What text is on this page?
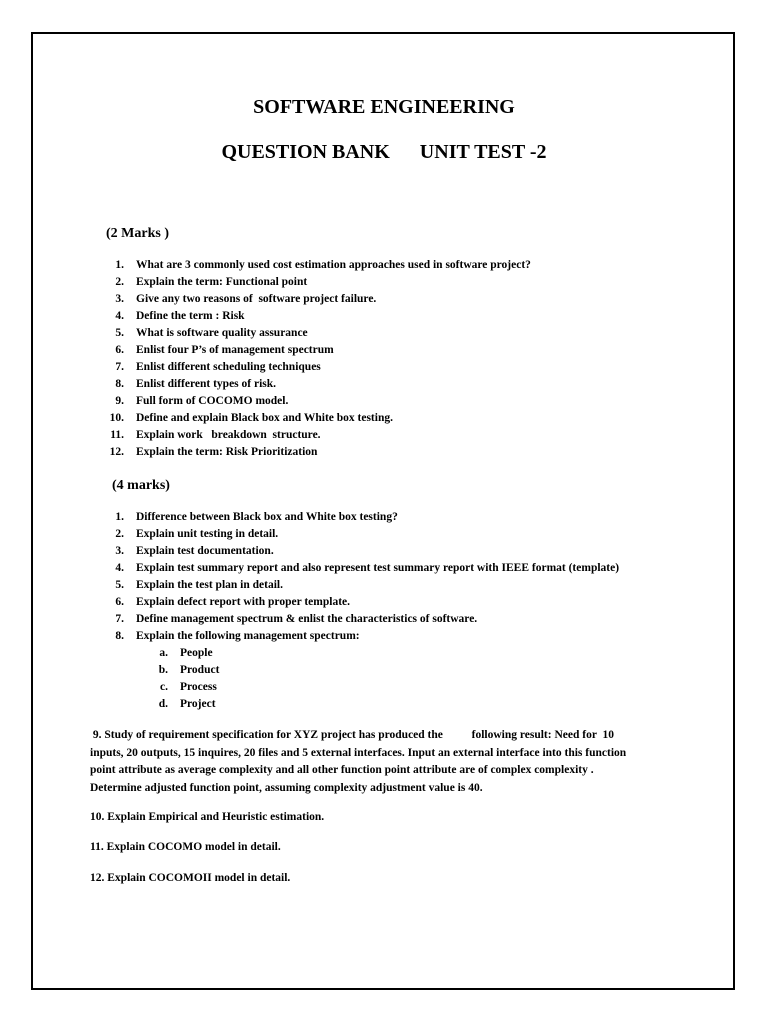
SOFTWARE ENGINEERING
QUESTION BANK      UNIT TEST -2
(2 Marks )
1. What are 3 commonly used cost estimation approaches used in software project?
2. Explain the term: Functional point
3. Give any two reasons of  software project failure.
4. Define the term : Risk
5. What is software quality assurance
6. Enlist four P’s of management spectrum
7. Enlist different scheduling techniques
8. Enlist different types of risk.
9. Full form of COCOMO model.
10. Define and explain Black box and White box testing.
11. Explain work   breakdown  structure.
12. Explain the term: Risk Prioritization
(4 marks)
1. Difference between Black box and White box testing?
2. Explain unit testing in detail.
3. Explain test documentation.
4. Explain test summary report and also represent test summary report with IEEE format (template)
5. Explain the test plan in detail.
6. Explain defect report with proper template.
7. Define management spectrum & enlist the characteristics of software.
8. Explain the following management spectrum:
a. People
b. Product
c. Process
d. Project
9. Study of requirement specification for XYZ project has produced the          following result: Need for  10
inputs, 20 outputs, 15 inquires, 20 files and 5 external interfaces. Input an external interface into this function
point attribute as average complexity and all other function point attribute are of complex complexity .
Determine adjusted function point, assuming complexity adjustment value is 40.
10. Explain Empirical and Heuristic estimation.
11. Explain COCOMO model in detail.
12. Explain COCOMOII model in detail.
